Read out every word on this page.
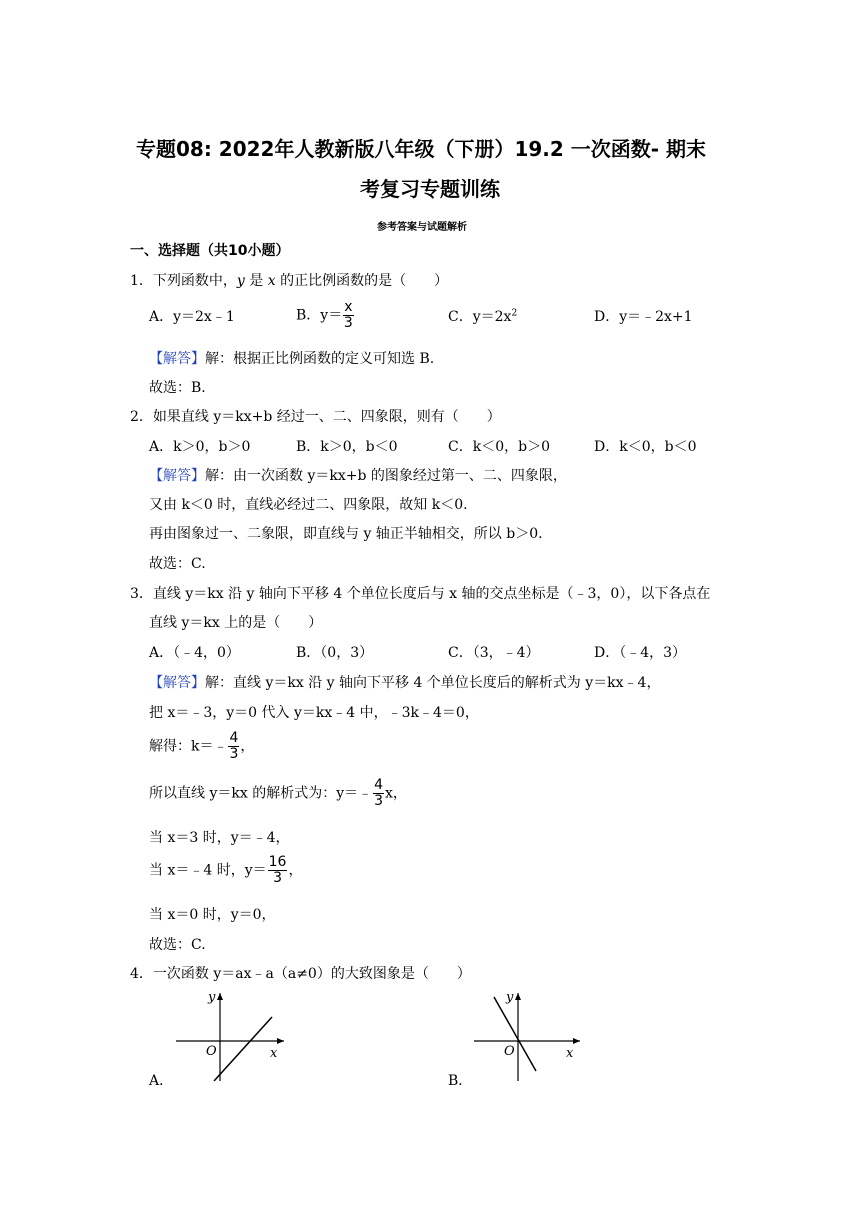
专题08: 2022年人教新版八年级（下册）19.2 一次函数- 期末
考复习专题训练
参考答案与试题解析
一、选择题（共10小题）
1．下列函数中，y 是 x 的正比例函数的是（　　）
A．y＝2x﹣1	B．$y= \frac{x}{3}$	C．$y=2x^2$	D．y＝﹣2x+1
【解答】解：根据正比例函数的定义可知选 B.
故选：B.
2．如果直线 y＝kx+b 经过一、二、四象限，则有（　　）
A．k＞0，b＞0	B．k＞0，b＜0	C．k＜0，b＞0	D．k＜0，b＜0
【解答】解：由一次函数 y＝kx+b 的图象经过第一、二、四象限，
又由 k＜0 时，直线必经过二、四象限，故知 k＜0.
再由图象过一、二象限，即直线与 y 轴正半轴相交，所以 b＞0.
故选：C.
3．直线 y＝kx 沿 y 轴向下平移 4 个单位长度后与 x 轴的交点坐标是（﹣3，0），以下各点在
直线 y＝kx 上的是（　　）
A．（﹣4，0）	B．（0，3）	C．（3，﹣4）	D．（﹣4，3）
【解答】解：直线 y＝kx 沿 y 轴向下平移 4 个单位长度后的解析式为 y＝kx﹣4，
把 x＝﹣3，y＝0 代入 y＝kx﹣4 中，﹣3k﹣4＝0，
解得：k＝﹣ $\frac{4}{3}$ ，
所以直线 y＝kx 的解析式为：y＝﹣ $\frac{4}{3}$ x，
当 x＝3 时，y＝﹣4，
当 x＝﹣4 时，$y= \frac{16}{3}$ ，
当 x＝0 时，y＝0，
故选：C.
4．一次函数 y＝ax﹣a（a≠0）的大致图象是（　　）
A．
y
x
O
B．
y
x
O
